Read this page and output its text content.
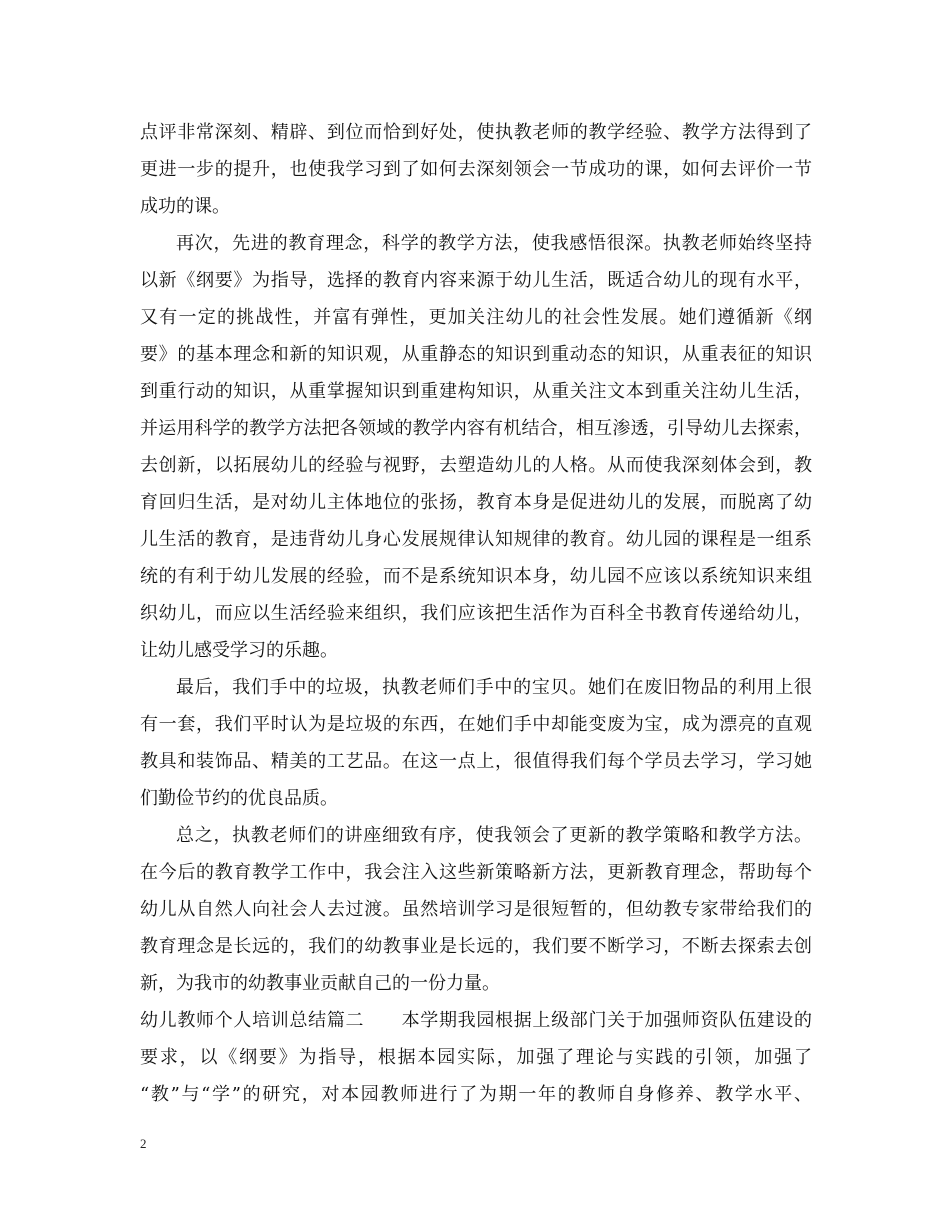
点评非常深刻、精辟、到位而恰到好处，使执教老师的教学经验、教学方法得到了
更进一步的提升，也使我学习到了如何去深刻领会一节成功的课，如何去评价一节
成功的课。
再次，先进的教育理念，科学的教学方法，使我感悟很深。执教老师始终坚持
以新《纲要》为指导，选择的教育内容来源于幼儿生活，既适合幼儿的现有水平，
又有一定的挑战性，并富有弹性，更加关注幼儿的社会性发展。她们遵循新《纲
要》的基本理念和新的知识观，从重静态的知识到重动态的知识，从重表征的知识
到重行动的知识，从重掌握知识到重建构知识，从重关注文本到重关注幼儿生活，
并运用科学的教学方法把各领域的教学内容有机结合，相互渗透，引导幼儿去探索，
去创新，以拓展幼儿的经验与视野，去塑造幼儿的人格。从而使我深刻体会到，教
育回归生活，是对幼儿主体地位的张扬，教育本身是促进幼儿的发展，而脱离了幼
儿生活的教育，是违背幼儿身心发展规律认知规律的教育。幼儿园的课程是一组系
统的有利于幼儿发展的经验，而不是系统知识本身，幼儿园不应该以系统知识来组
织幼儿，而应以生活经验来组织，我们应该把生活作为百科全书教育传递给幼儿，
让幼儿感受学习的乐趣。
最后，我们手中的垃圾，执教老师们手中的宝贝。她们在废旧物品的利用上很
有一套，我们平时认为是垃圾的东西，在她们手中却能变废为宝，成为漂亮的直观
教具和装饰品、精美的工艺品。在这一点上，很值得我们每个学员去学习，学习她
们勤俭节约的优良品质。
总之，执教老师们的讲座细致有序，使我领会了更新的教学策略和教学方法。
在今后的教育教学工作中，我会注入这些新策略新方法，更新教育理念，帮助每个
幼儿从自然人向社会人去过渡。虽然培训学习是很短暂的，但幼教专家带给我们的
教育理念是长远的，我们的幼教事业是长远的，我们要不断学习，不断去探索去创
新，为我市的幼教事业贡献自己的一份力量。
幼儿教师个人培训总结篇二　　本学期我园根据上级部门关于加强师资队伍建设的
要求，以《纲要》为指导，根据本园实际，加强了理论与实践的引领，加强了
“教”与“学”的研究，对本园教师进行了为期一年的教师自身修养、教学水平、
2
